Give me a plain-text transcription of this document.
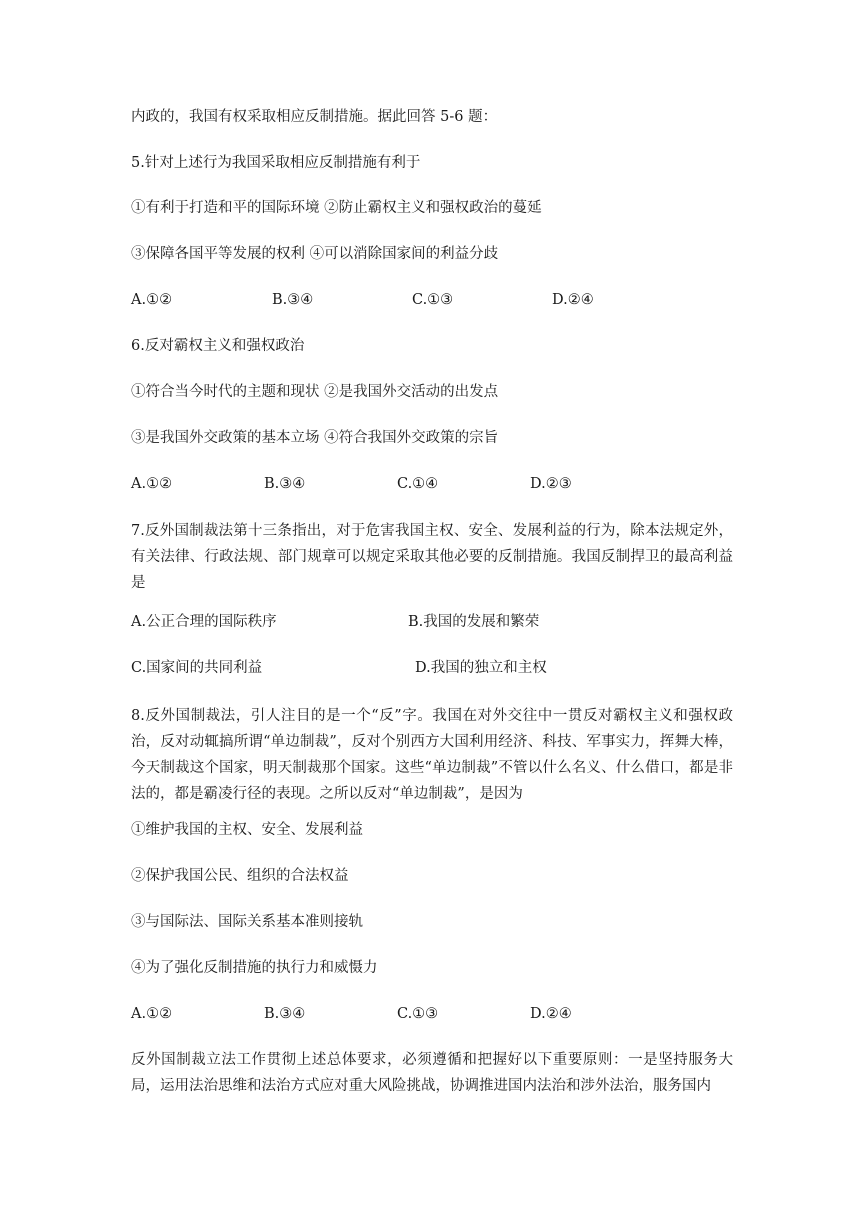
内政的，我国有权采取相应反制措施。据此回答 5-6 题：
5.针对上述行为我国采取相应反制措施有利于
①有利于打造和平的国际环境 ②防止霸权主义和强权政治的蔓延
③保障各国平等发展的权利 ④可以消除国家间的利益分歧
A.①②	B.③④	C.①③	D.②④
6.反对霸权主义和强权政治
①符合当今时代的主题和现状 ②是我国外交活动的出发点
③是我国外交政策的基本立场 ④符合我国外交政策的宗旨
A.①②	B.③④	C.①④	D.②③
7.反外国制裁法第十三条指出，对于危害我国主权、安全、发展利益的行为，除本法规定外，有关法律、行政法规、部门规章可以规定采取其他必要的反制措施。我国反制捍卫的最高利益是
A.公正合理的国际秩序	B.我国的发展和繁荣
C.国家间的共同利益	D.我国的独立和主权
8.反外国制裁法，引人注目的是一个“反”字。我国在对外交往中一贯反对霸权主义和强权政治，反对动辄搞所谓“单边制裁”，反对个别西方大国利用经济、科技、军事实力，挥舞大棒，今天制裁这个国家，明天制裁那个国家。这些“单边制裁”不管以什么名义、什么借口，都是非法的，都是霸凌行径的表现。之所以反对“单边制裁”，是因为
①维护我国的主权、安全、发展利益
②保护我国公民、组织的合法权益
③与国际法、国际关系基本准则接轨
④为了强化反制措施的执行力和威慑力
A.①②	B.③④	C.①③	D.②④
反外国制裁立法工作贯彻上述总体要求，必须遵循和把握好以下重要原则：一是坚持服务大局，运用法治思维和法治方式应对重大风险挑战，协调推进国内法治和涉外法治，服务国内
